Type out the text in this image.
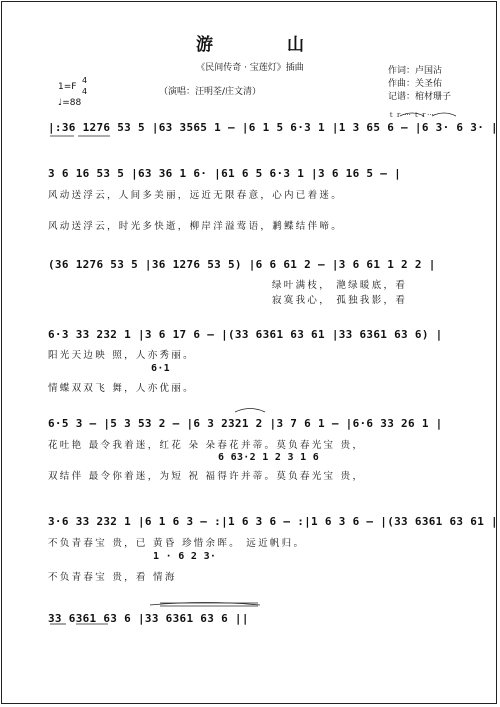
游 山
《民间传奇 · 宝莲灯》插曲
（演唱：汪明荃/庄文清）
作词：卢国沾
作曲：关圣佑
记谱：棺材珊子
1=F
4
4
♩=88
ｔｒ···· ｔｒ····
|:36 1276 53 5 |63 3565 1 – |6 1 5 6·3 1 |1 3 65 6 – |6 3· 6 3· |
3 6 16 53 5 |63 36 1 6· |61 6 5 6·3 1 |3 6 16 5 – |
风动送浮云，人间多美丽，远近无限春意，心内已着迷。
风动送浮云，时光多快逝，柳岸洋溢莺语，鹣鲽结伴啼。
(36 1276 53 5 |36 1276 53 5) |6 6 61 2 – |3 6 61 1 2 2 |
绿叶满枝， 滟绿暖底，看
寂寞我心， 孤独我影，看
6·3 33 232 1 |3 6 17 6 – |(33 6361 63 61 |33 6361 63 6) |
阳光天边映 照，人亦秀丽。
6·1
情蝶双双飞 舞，人亦优丽。
6·5 3 – |5 3 53 2 – |6 3 2321 2 |3 7 6 1 – |6·6 33 26 1 |
花吐艳 最令我着迷，红花 朵 朵春花并蒂。莫负春光宝 贵，
6 63·2 1 2 3 1 6
双结伴 最令你着迷，为短 祝 福得许并蒂。莫负春光宝 贵，
3·6 33 232 1 |6 1 6 3 – :|1 6 3 6 – :|1 6 3 6 – |(33 6361 63 61 |
不负青春宝 贵，已 黄昏 珍惜余晖。 远近帆归。
1 · 6 2 3·
不负青春宝 贵，看 情海
33 6361 63 6 |33 6361 63 6 ||
